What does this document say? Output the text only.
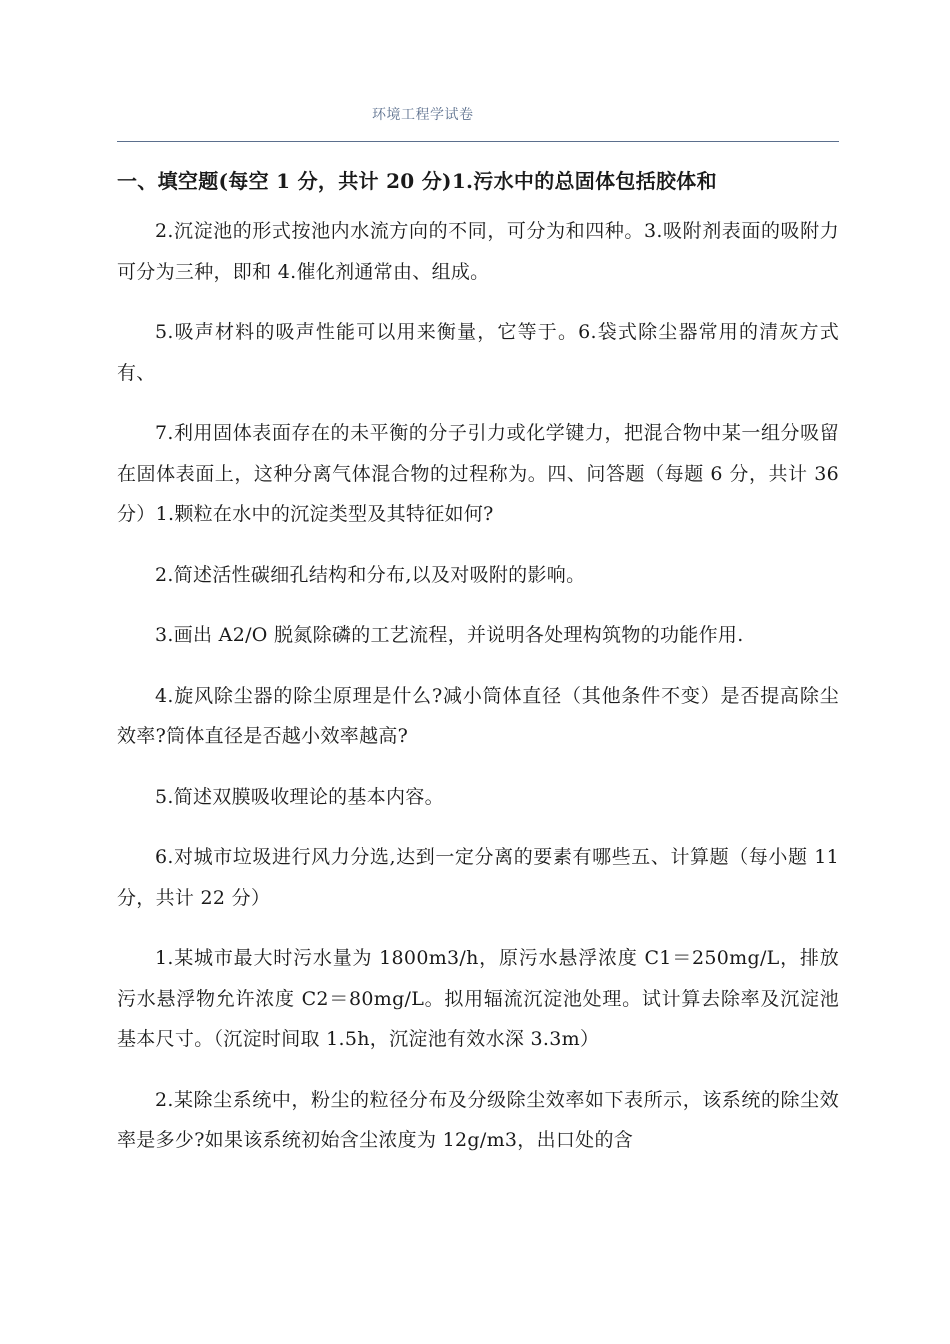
环境工程学试卷

一、填空题(每空 1 分，共计 20 分)1.污水中的总固体包括胶体和

2.沉淀池的形式按池内水流方向的不同，可分为和四种。3.吸附剂表面的吸附力可分为三种，即和 4.催化剂通常由、组成。

5.吸声材料的吸声性能可以用来衡量，它等于。6.袋式除尘器常用的清灰方式有、

7.利用固体表面存在的未平衡的分子引力或化学键力，把混合物中某一组分吸留在固体表面上，这种分离气体混合物的过程称为。四、问答题（每题 6 分，共计 36 分）1.颗粒在水中的沉淀类型及其特征如何?

2.简述活性碳细孔结构和分布,以及对吸附的影响。

3.画出 A2/O 脱氮除磷的工艺流程，并说明各处理构筑物的功能作用.

4.旋风除尘器的除尘原理是什么?减小筒体直径（其他条件不变）是否提高除尘效率?筒体直径是否越小效率越高?

5.简述双膜吸收理论的基本内容。

6.对城市垃圾进行风力分选,达到一定分离的要素有哪些五、计算题（每小题 11 分，共计 22 分）

1.某城市最大时污水量为 1800m3/h，原污水悬浮浓度 C1＝250mg/L，排放污水悬浮物允许浓度 C2＝80mg/L。拟用辐流沉淀池处理。试计算去除率及沉淀池基本尺寸。（沉淀时间取 1.5h，沉淀池有效水深 3.3m）

2.某除尘系统中，粉尘的粒径分布及分级除尘效率如下表所示，该系统的除尘效率是多少?如果该系统初始含尘浓度为 12g/m3，出口处的含
